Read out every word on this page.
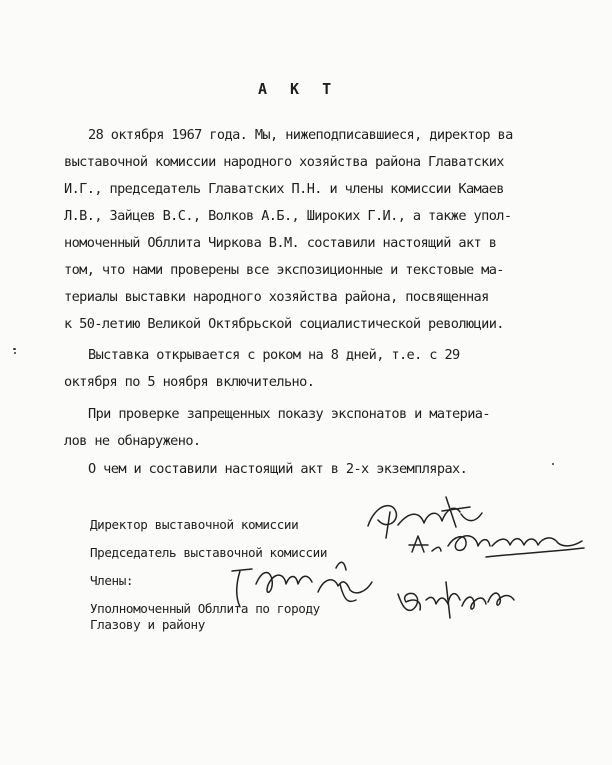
А К Т
28 октября 1967 года. Мы, нижеподписавшиеся, директор ва
выставочной комиссии народного хозяйства района Главатских
И.Г., председатель Главатских П.Н. и члены комиссии Камаев
Л.В., Зайцев В.С., Волков А.Б., Широких Г.И., а также упол-
номоченный Обллита Чиркова В.М. составили настоящий акт в
том, что нами проверены все экспозиционные и текстовые ма-
териалы выставки народного хозяйства района, посвященная
к 50-летию Великой Октябрьской социалистической революции.
Выставка открывается с роком на 8 дней, т.е. с 29
октября по 5 ноября включительно.
При проверке запрещенных показу экспонатов и материа-
лов не обнаружено.
О чем и составили настоящий акт в 2-х экземплярах.
Директор выставочной комиссии
Председатель выставочной комиссии
Члены:
Уполномоченный Обллита по городу
Глазову и району
